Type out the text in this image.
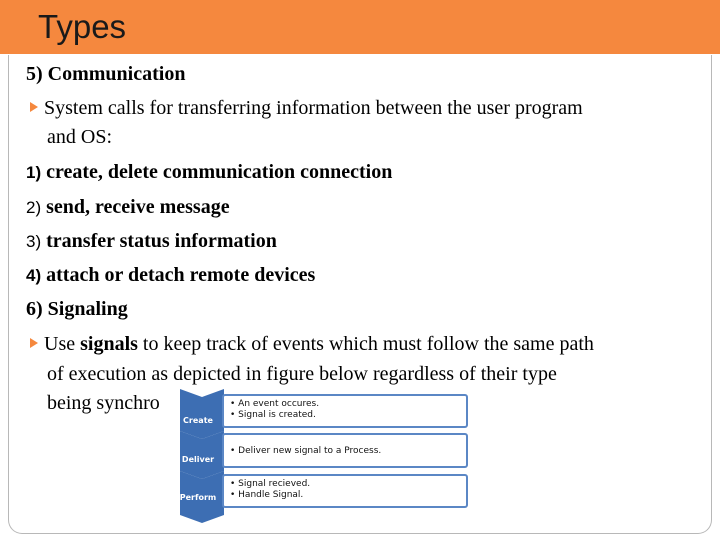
Types
5) Communication
System calls for transferring information between the user program
and OS:
1) create, delete communication connection
2) send, receive message
3) transfer status information
4) attach or detach remote devices
6) Signaling
Use signals to keep track of events which must follow the same path
of execution as depicted in figure below regardless of their type
being synchro
Create
• An event occures.
• Signal is created.
Deliver
• Deliver new signal to a Process.
Perform
• Signal recieved.
• Handle Signal.
